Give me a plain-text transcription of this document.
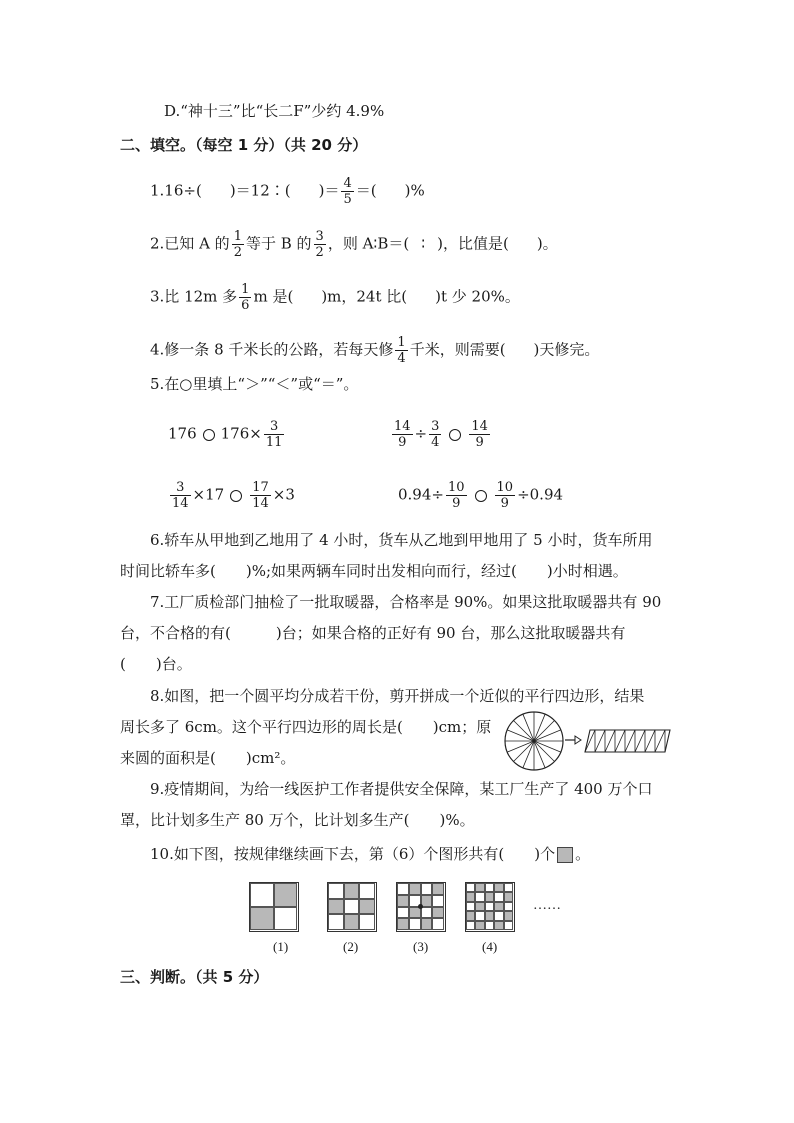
D.“神十三”比“长二F”少约 4.9%
二、填空。（每空 1 分）（共 20 分）
1.16÷( )＝12∶( )＝ $\frac{4}{5}$ ＝( )%
2.已知 A 的 $\frac{1}{2}$ 等于 B 的 $\frac{3}{2}$ ，则 A∶B＝( ∶ )，比值是( )。
3.比 12m 多 $\frac{1}{6}$ m 是( )m，24t 比( )t 少 20%。
4.修一条 8 千米长的公路，若每天修 $\frac{1}{4}$ 千米，则需要( )天修完。
5.在○里填上“＞”“＜”或“＝”。
176 $176\times \frac{3}{11}$	$\frac{14}{9} \div \frac{3}{4} \frac{14}{9}$
$\frac{3}{14} \times 17 \frac{17}{14} \times 3$	$0.94\div \frac{10}{9} \frac{10}{9} \div 0.94$
6.轿车从甲地到乙地用了 4 小时，货车从乙地到甲地用了 5 小时，货车所用
时间比轿车多(　　)%;如果两辆车同时出发相向而行，经过(　　)小时相遇。
7.工厂质检部门抽检了一批取暖器，合格率是 90%。如果这批取暖器共有 90
台，不合格的有(　　　)台；如果合格的正好有 90 台，那么这批取暖器共有
(　　)台。
8.如图，把一个圆平均分成若干份，剪开拼成一个近似的平行四边形，结果
周长多了 6cm。这个平行四边形的周长是(　　)cm；原
来圆的面积是(　　)cm²。
9.疫情期间，为给一线医护工作者提供安全保障，某工厂生产了 400 万个口
罩，比计划多生产 80 万个，比计划多生产(　　)%。
10.如下图，按规律继续画下去，第（6）个图形共有(　　)个 。
(1)	(2)	(3)	(4)
……
三、判断。（共 5 分）
